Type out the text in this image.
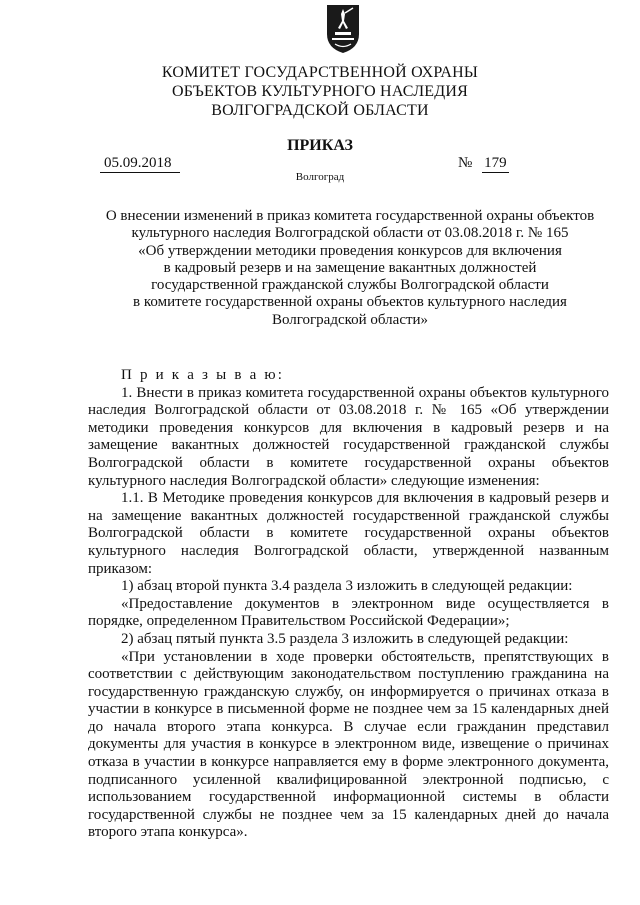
КОМИТЕТ ГОСУДАРСТВЕННОЙ ОХРАНЫ
ОБЪЕКТОВ КУЛЬТУРНОГО НАСЛЕДИЯ
ВОЛГОГРАДСКОЙ ОБЛАСТИ
ПРИКАЗ
05.09.2018	№ 179
Волгоград
О внесении изменений в приказ комитета государственной охраны объектов
культурного наследия Волгоградской области от 03.08.2018 г. № 165
«Об утверждении методики проведения конкурсов для включения
в кадровый резерв и на замещение вакантных должностей
государственной гражданской службы Волгоградской области
в комитете государственной охраны объектов культурного наследия
Волгоградской области»

П р и к а з ы в а ю:

1. Внести в приказ комитета государственной охраны объектов культурного наследия Волгоградской области от 03.08.2018 г. № 165 «Об утверждении методики проведения конкурсов для включения в кадровый резерв и на замещение вакантных должностей государственной гражданской службы Волгоградской области в комитете государственной охраны объектов культурного наследия Волгоградской области» следующие изменения:

1.1. В Методике проведения конкурсов для включения в кадровый резерв и на замещение вакантных должностей государственной гражданской службы Волгоградской области в комитете государственной охраны объектов культурного наследия Волгоградской области, утвержденной названным приказом:

1) абзац второй пункта 3.4 раздела 3 изложить в следующей редакции:

«Предоставление документов в электронном виде осуществляется в порядке, определенном Правительством Российской Федерации»;

2) абзац пятый пункта 3.5 раздела 3 изложить в следующей редакции:

«При установлении в ходе проверки обстоятельств, препятствующих в соответствии с действующим законодательством поступлению гражданина на государственную гражданскую службу, он информируется о причинах отказа в участии в конкурсе в письменной форме не позднее чем за 15 календарных дней до начала второго этапа конкурса. В случае если гражданин представил документы для участия в конкурсе в электронном виде, извещение о причинах отказа в участии в конкурсе направляется ему в форме электронного документа, подписанного усиленной квалифицированной электронной подписью, с использованием государственной информационной системы в области государственной службы не позднее чем за 15 календарных дней до начала второго этапа конкурса».
